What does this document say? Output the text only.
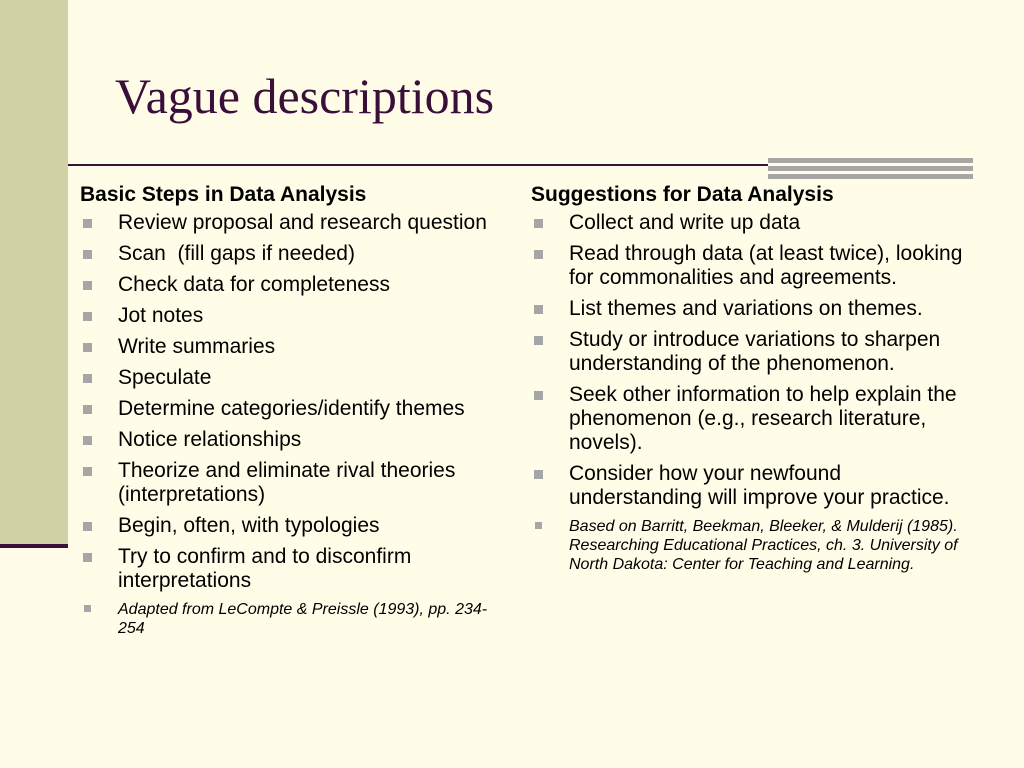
Vague descriptions
Basic Steps in Data Analysis
Review proposal and research question
Scan  (fill gaps if needed)
Check data for completeness
Jot notes
Write summaries
Speculate
Determine categories/identify themes
Notice relationships
Theorize and eliminate rival theories (interpretations)
Begin, often, with typologies
Try to confirm and to disconfirm interpretations
Adapted from LeCompte & Preissle (1993), pp. 234-254
Suggestions for Data Analysis
Collect and write up data
Read through data (at least twice), looking for commonalities and agreements.
List themes and variations on themes.
Study or introduce variations to sharpen understanding of the phenomenon.
Seek other information to help explain the phenomenon (e.g., research literature, novels).
Consider how your newfound understanding will improve your practice.
Based on Barritt, Beekman, Bleeker, & Mulderij (1985).  Researching Educational Practices, ch. 3. University of North Dakota: Center for Teaching and Learning.
